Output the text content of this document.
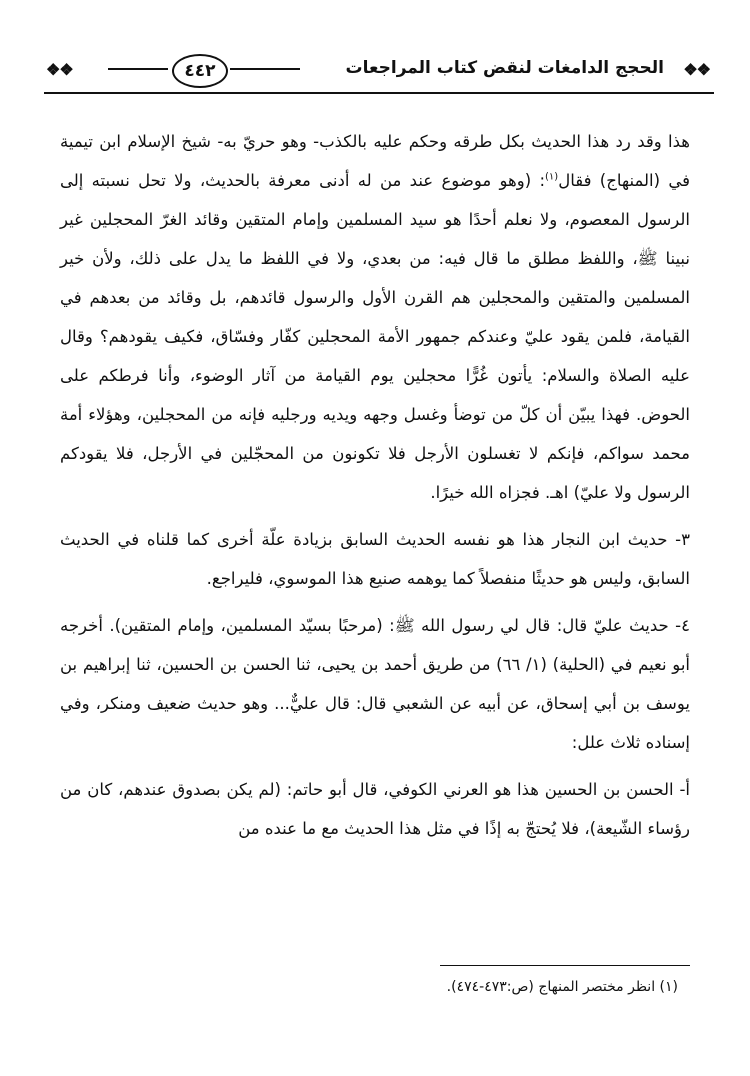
❖❖
الحجج الدامغات لنقض كتاب المراجعات
٤٤٢
❖❖

هذا وقد رد هذا الحديث بكل طرقه وحكم عليه بالكذب- وهو حريّ به- شيخ الإسلام ابن تيمية في (المنهاج) فقال$^{(١)}$: (وهو موضوع عند من له أدنى معرفة بالحديث، ولا تحل نسبته إلى الرسول المعصوم، ولا نعلم أحدًا هو سيد المسلمين وإمام المتقين وقائد الغرّ المحجلين غير نبينا ﷺ، واللفظ مطلق ما قال فيه: من بعدي، ولا في اللفظ ما يدل على ذلك، ولأن خير المسلمين والمتقين والمحجلين هم القرن الأول والرسول قائدهم، بل وقائد من بعدهم في القيامة، فلمن يقود عليّ وعندكم جمهور الأمة المحجلين كفّار وفسّاق، فكيف يقودهم؟ وقال عليه الصلاة والسلام: يأتون غُرًّا محجلين يوم القيامة من آثار الوضوء، وأنا فرطكم على الحوض. فهذا يبيّن أن كلّ من توضأ وغسل وجهه ويديه ورجليه فإنه من المحجلين، وهؤلاء أمة محمد سواكم، فإنكم لا تغسلون الأرجل فلا تكونون من المحجّلين في الأرجل، فلا يقودكم الرسول ولا عليّ) اهـ. فجزاه الله خيرًا.

٣- حديث ابن النجار هذا هو نفسه الحديث السابق بزيادة علّة أخرى كما قلناه في الحديث السابق، وليس هو حديثًا منفصلاً كما يوهمه صنيع هذا الموسوي، فليراجع.

٤- حديث عليّ قال: قال لي رسول الله ﷺ: (مرحبًا بسيّد المسلمين، وإمام المتقين). أخرجه أبو نعيم في (الحلية) (١/ ٦٦) من طريق أحمد بن يحيى، ثنا الحسن بن الحسين، ثنا إبراهيم بن يوسف بن أبي إسحاق، عن أبيه عن الشعبي قال: قال عليٌّ... وهو حديث ضعيف ومنكر، وفي إسناده ثلاث علل:

أ- الحسن بن الحسين هذا هو العرني الكوفي، قال أبو حاتم: (لم يكن بصدوق عندهم، كان من رؤساء الشّيعة)، فلا يُحتجّ به إذًا في مثل هذا الحديث مع ما عنده من

(١) انظر مختصر المنهاج (ص:٤٧٣-٤٧٤).
